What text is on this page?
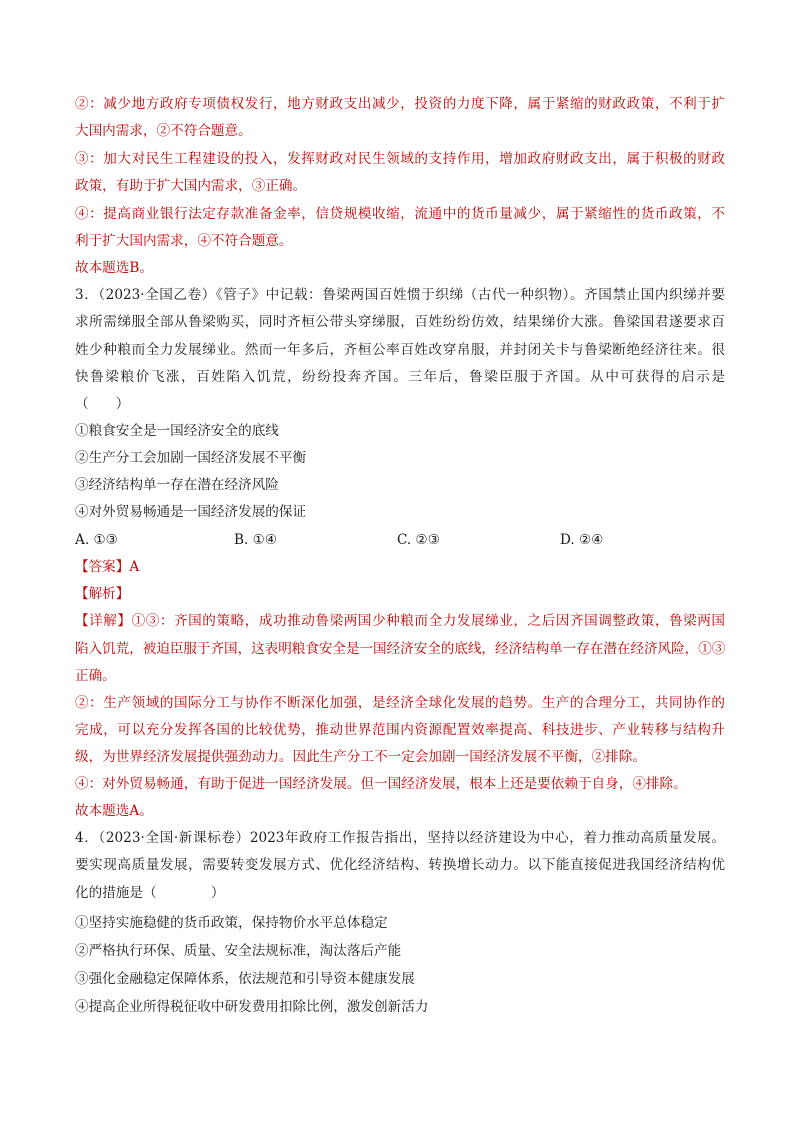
②：减少地方政府专项债权发行，地方财政支出减少，投资的力度下降，属于紧缩的财政政策，不利于扩
大国内需求，②不符合题意。
③：加大对民生工程建设的投入，发挥财政对民生领域的支持作用，增加政府财政支出，属于积极的财政
政策，有助于扩大国内需求，③正确。
④：提高商业银行法定存款准备金率，信贷规模收缩，流通中的货币量减少，属于紧缩性的货币政策，不
利于扩大国内需求，④不符合题意。
故本题选B。
3．（2023·全国乙卷）《管子》中记载：鲁梁两国百姓惯于织绨（古代一种织物）。齐国禁止国内织绨并要
求所需绨服全部从鲁梁购买，同时齐桓公带头穿绨服，百姓纷纷仿效，结果绨价大涨。鲁梁国君遂要求百
姓少种粮而全力发展绨业。然而一年多后，齐桓公率百姓改穿帛服，并封闭关卡与鲁梁断绝经济往来。很
快鲁梁粮价飞涨，百姓陷入饥荒，纷纷投奔齐国。三年后，鲁梁臣服于齐国。从中可获得的启示是
（　　）
①粮食安全是一国经济安全的底线
②生产分工会加剧一国经济发展不平衡
③经济结构单一存在潜在经济风险
④对外贸易畅通是一国经济发展的保证
A. ①③	B. ①④	C. ②③	D. ②④
【答案】A
【解析】
【详解】①③：齐国的策略，成功推动鲁梁两国少种粮而全力发展绨业，之后因齐国调整政策，鲁梁两国
陷入饥荒，被迫臣服于齐国，这表明粮食安全是一国经济安全的底线，经济结构单一存在潜在经济风险，①③
正确。
②：生产领域的国际分工与协作不断深化加强，是经济全球化发展的趋势。生产的合理分工，共同协作的
完成，可以充分发挥各国的比较优势，推动世界范围内资源配置效率提高、科技进步、产业转移与结构升
级，为世界经济发展提供强劲动力。因此生产分工不一定会加剧一国经济发展不平衡，②排除。
④：对外贸易畅通，有助于促进一国经济发展。但一国经济发展，根本上还是要依赖于自身，④排除。
故本题选A。
4．（2023·全国·新课标卷）2023年政府工作报告指出，坚持以经济建设为中心，着力推动高质量发展。
要实现高质量发展，需要转变发展方式、优化经济结构、转换增长动力。以下能直接促进我国经济结构优
化的措施是（　　　　）
①坚持实施稳健的货币政策，保持物价水平总体稳定
②严格执行环保、质量、安全法规标准，淘汰落后产能
③强化金融稳定保障体系，依法规范和引导资本健康发展
④提高企业所得税征收中研发费用扣除比例，激发创新活力
